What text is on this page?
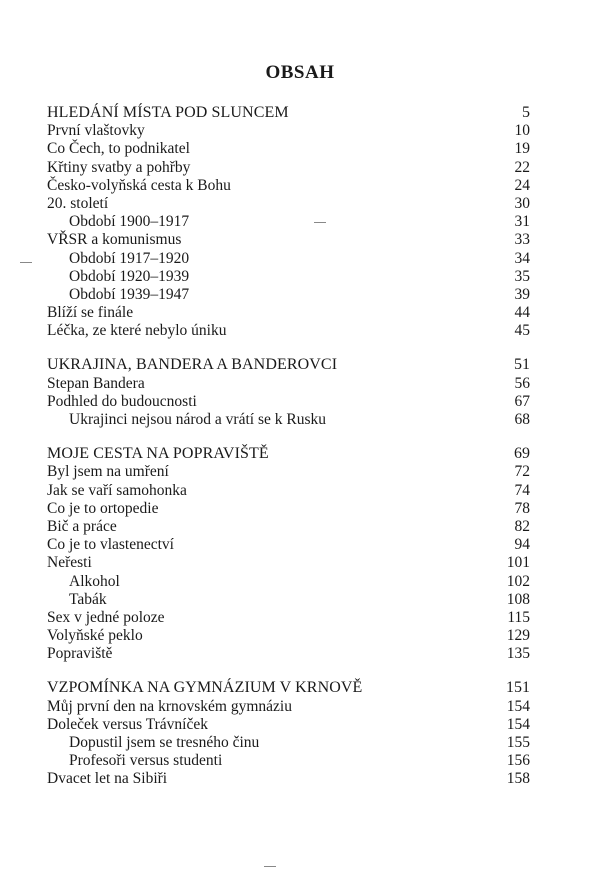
OBSAH
HLEDÁNÍ MÍSTA POD SLUNCEM	5
První vlaštovky	10
Co Čech, to podnikatel	19
Křtiny svatby a pohřby	22
Česko-volyňská cesta k Bohu	24
20. století	30
Období 1900–1917	31
VŘSR a komunismus	33
Období 1917–1920	34
Období 1920–1939	35
Období 1939–1947	39
Blíží se finále	44
Léčka, ze které nebylo úniku	45
UKRAJINA, BANDERA A BANDEROVCI	51
Stepan Bandera	56
Podhled do budoucnosti	67
Ukrajinci nejsou národ a vrátí se k Rusku	68
MOJE CESTA NA POPRAVIŠTĚ	69
Byl jsem na umření	72
Jak se vaří samohonka	74
Co je to ortopedie	78
Bič a práce	82
Co je to vlastenectví	94
Neřesti	101
Alkohol	102
Tabák	108
Sex v jedné poloze	115
Volyňské peklo	129
Popraviště	135
VZPOMÍNKA NA GYMNÁZIUM V KRNOVĚ	151
Můj první den na krnovském gymnáziu	154
Doleček versus Trávníček	154
Dopustil jsem se tresného činu	155
Profesoři versus studenti	156
Dvacet let na Sibiři	158
